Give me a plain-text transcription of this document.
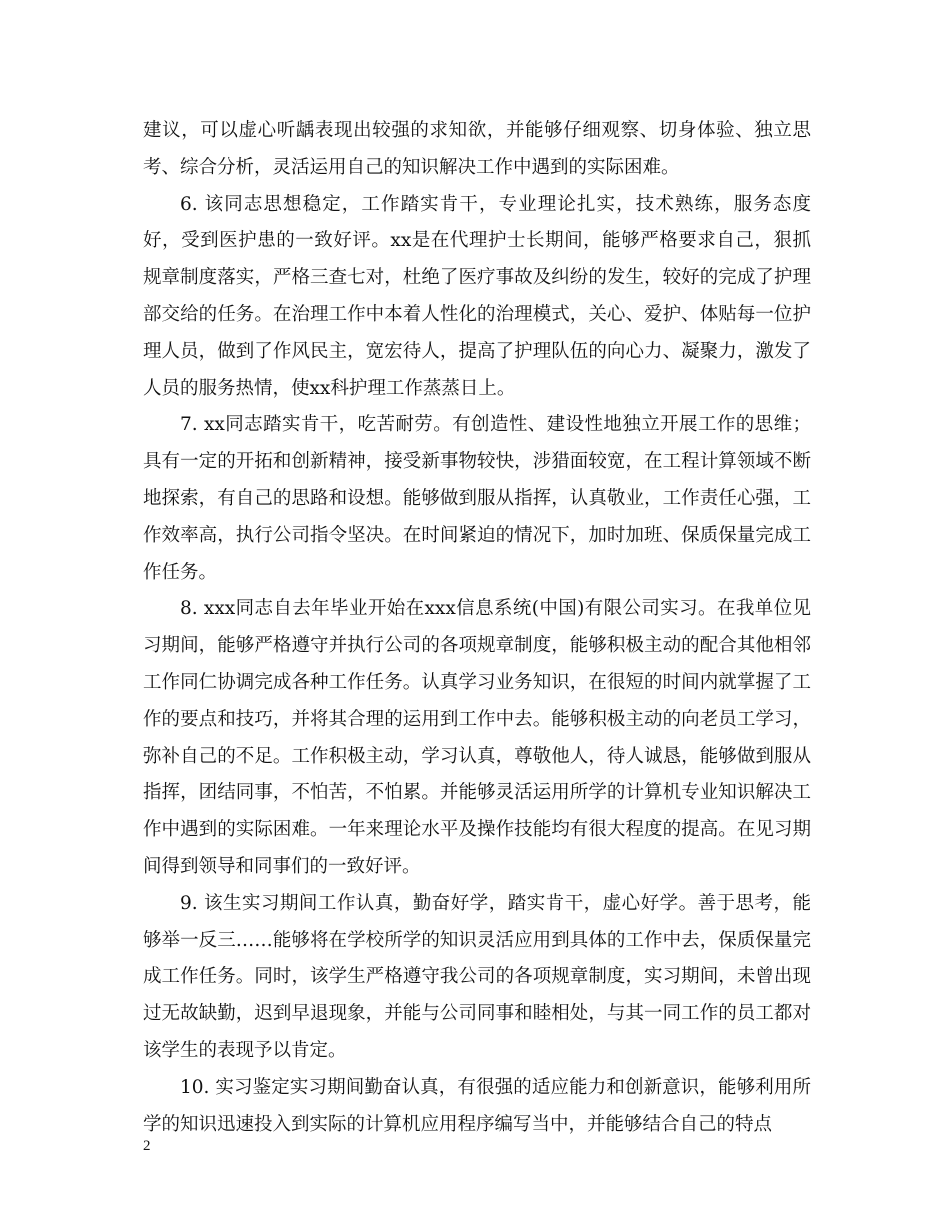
建议，可以虚心听龋表现出较强的求知欲，并能够仔细观察、切身体验、独立思考、综合分析，灵活运用自己的知识解决工作中遇到的实际困难。

6. 该同志思想稳定，工作踏实肯干，专业理论扎实，技术熟练，服务态度好，受到医护患的一致好评。xx是在代理护士长期间，能够严格要求自己，狠抓规章制度落实，严格三查七对，杜绝了医疗事故及纠纷的发生，较好的完成了护理部交给的任务。在治理工作中本着人性化的治理模式，关心、爱护、体贴每一位护理人员，做到了作风民主，宽宏待人，提高了护理队伍的向心力、凝聚力，激发了人员的服务热情，使xx科护理工作蒸蒸日上。

7. xx同志踏实肯干，吃苦耐劳。有创造性、建设性地独立开展工作的思维；具有一定的开拓和创新精神，接受新事物较快，涉猎面较宽，在工程计算领域不断地探索，有自己的思路和设想。能够做到服从指挥，认真敬业，工作责任心强，工作效率高，执行公司指令坚决。在时间紧迫的情况下，加时加班、保质保量完成工作任务。

8. xxx同志自去年毕业开始在xxx信息系统(中国)有限公司实习。在我单位见习期间，能够严格遵守并执行公司的各项规章制度，能够积极主动的配合其他相邻工作同仁协调完成各种工作任务。认真学习业务知识，在很短的时间内就掌握了工作的要点和技巧，并将其合理的运用到工作中去。能够积极主动的向老员工学习，弥补自己的不足。工作积极主动，学习认真，尊敬他人，待人诚恳，能够做到服从指挥，团结同事，不怕苦，不怕累。并能够灵活运用所学的计算机专业知识解决工作中遇到的实际困难。一年来理论水平及操作技能均有很大程度的提高。在见习期间得到领导和同事们的一致好评。

9. 该生实习期间工作认真，勤奋好学，踏实肯干，虚心好学。善于思考，能够举一反三……能够将在学校所学的知识灵活应用到具体的工作中去，保质保量完成工作任务。同时，该学生严格遵守我公司的各项规章制度，实习期间，未曾出现过无故缺勤，迟到早退现象，并能与公司同事和睦相处，与其一同工作的员工都对该学生的表现予以肯定。

10. 实习鉴定实习期间勤奋认真，有很强的适应能力和创新意识，能够利用所学的知识迅速投入到实际的计算机应用程序编写当中，并能够结合自己的特点

2
